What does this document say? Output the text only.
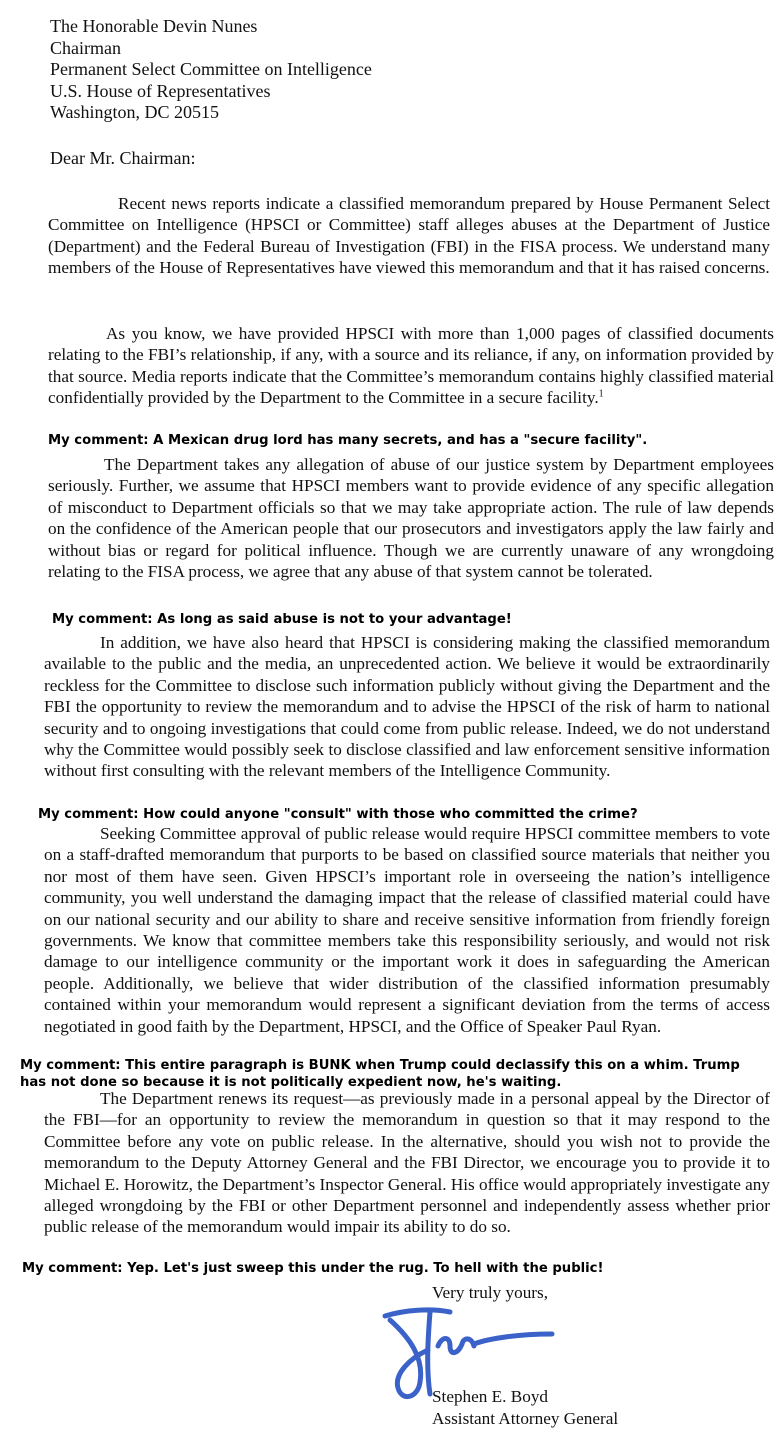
The Honorable Devin Nunes
Chairman
Permanent Select Committee on Intelligence
U.S. House of Representatives
Washington, DC 20515
Dear Mr. Chairman:

Recent news reports indicate a classified memorandum prepared by House Permanent Select Committee on Intelligence (HPSCI or Committee) staff alleges abuses at the Department of Justice (Department) and the Federal Bureau of Investigation (FBI) in the FISA process. We understand many members of the House of Representatives have viewed this memorandum and that it has raised concerns.

As you know, we have provided HPSCI with more than 1,000 pages of classified documents relating to the FBI’s relationship, if any, with a source and its reliance, if any, on information provided by that source. Media reports indicate that the Committee’s memorandum contains highly classified material confidentially provided by the Department to the Committee in a secure facility.$^1$

My comment: A Mexican drug lord has many secrets, and has a "secure facility".

The Department takes any allegation of abuse of our justice system by Department employees seriously. Further, we assume that HPSCI members want to provide evidence of any specific allegation of misconduct to Department officials so that we may take appropriate action. The rule of law depends on the confidence of the American people that our prosecutors and investigators apply the law fairly and without bias or regard for political influence. Though we are currently unaware of any wrongdoing relating to the FISA process, we agree that any abuse of that system cannot be tolerated.

My comment: As long as said abuse is not to your advantage!

In addition, we have also heard that HPSCI is considering making the classified memorandum available to the public and the media, an unprecedented action. We believe it would be extraordinarily reckless for the Committee to disclose such information publicly without giving the Department and the FBI the opportunity to review the memorandum and to advise the HPSCI of the risk of harm to national security and to ongoing investigations that could come from public release. Indeed, we do not understand why the Committee would possibly seek to disclose classified and law enforcement sensitive information without first consulting with the relevant members of the Intelligence Community.

My comment: How could anyone "consult" with those who committed the crime?

Seeking Committee approval of public release would require HPSCI committee members to vote on a staff-drafted memorandum that purports to be based on classified source materials that neither you nor most of them have seen. Given HPSCI’s important role in overseeing the nation’s intelligence community, you well understand the damaging impact that the release of classified material could have on our national security and our ability to share and receive sensitive information from friendly foreign governments. We know that committee members take this responsibility seriously, and would not risk damage to our intelligence community or the important work it does in safeguarding the American people. Additionally, we believe that wider distribution of the classified information presumably contained within your memorandum would represent a significant deviation from the terms of access negotiated in good faith by the Department, HPSCI, and the Office of Speaker Paul Ryan.

My comment: This entire paragraph is BUNK when Trump could declassify this on a whim. Trump has not done so because it is not politically expedient now, he's waiting.

The Department renews its request—as previously made in a personal appeal by the Director of the FBI—for an opportunity to review the memorandum in question so that it may respond to the Committee before any vote on public release. In the alternative, should you wish not to provide the memorandum to the Deputy Attorney General and the FBI Director, we encourage you to provide it to Michael E. Horowitz, the Department’s Inspector General. His office would appropriately investigate any alleged wrongdoing by the FBI or other Department personnel and independently assess whether prior public release of the memorandum would impair its ability to do so.

My comment: Yep. Let's just sweep this under the rug. To hell with the public!
Very truly yours,
Stephen E. Boyd
Assistant Attorney General
